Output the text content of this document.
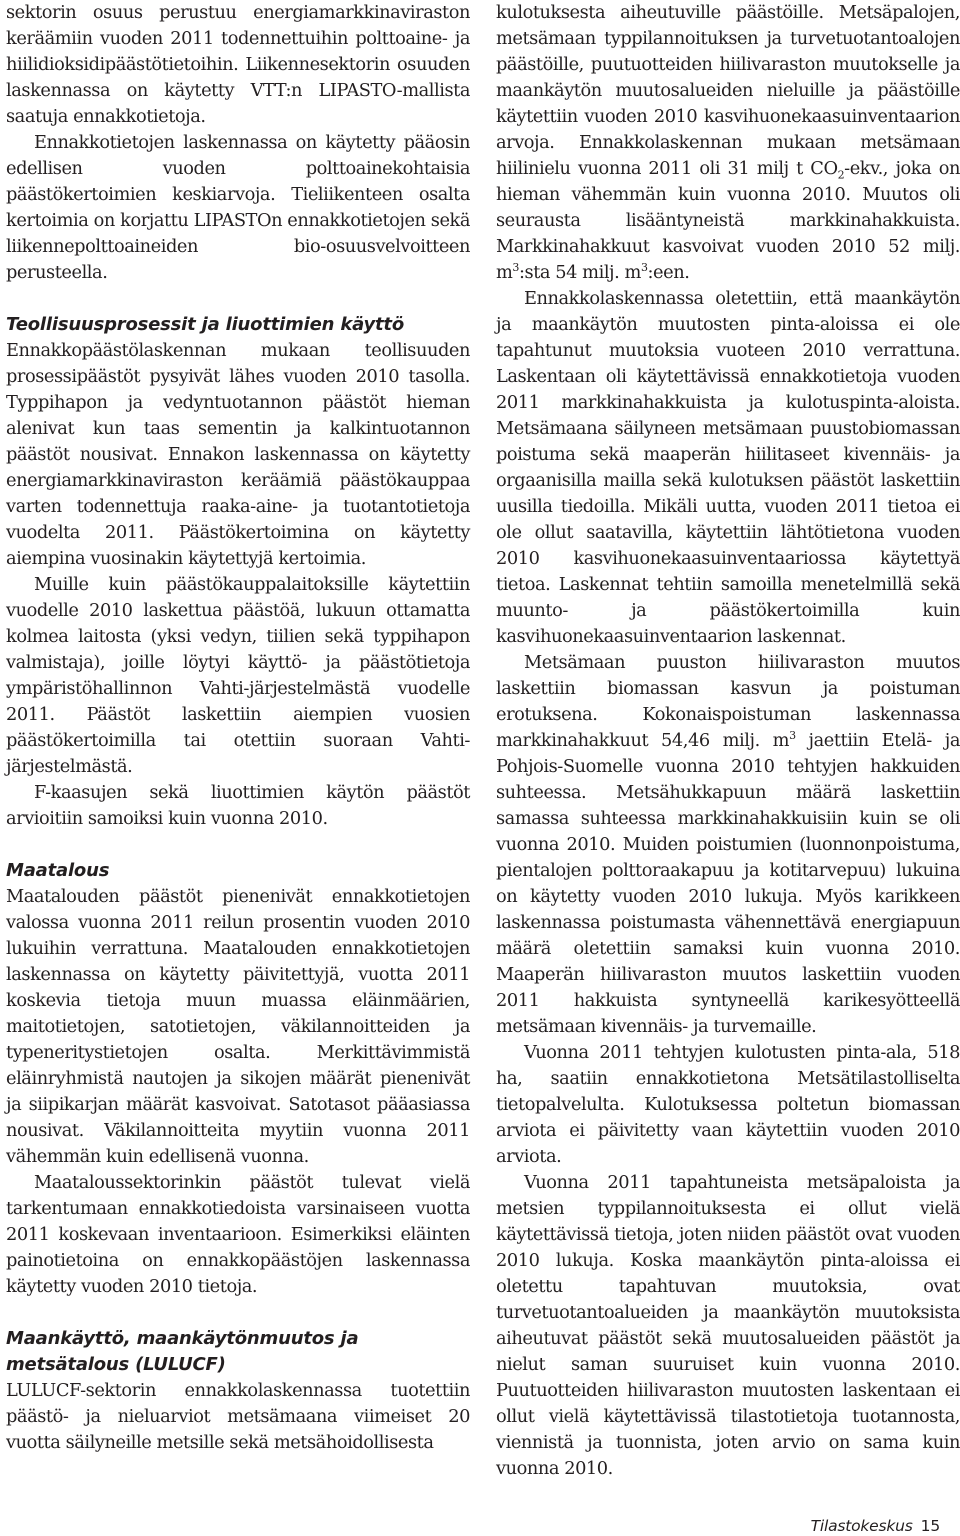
sektorin osuus perustuu energiamarkkinaviraston keräämiin vuoden 2011 todennettuihin polttoaine- ja hiilidioksidipäästötietoihin. Liikennesektorin osuuden laskennassa on käytetty VTT:n LIPASTO-mallista saatuja ennakkotietoja.

Ennakkotietojen laskennassa on käytetty pääosin edellisen vuoden polttoainekohtaisia päästökertoimien keskiarvoja. Tieliikenteen osalta kertoimia on korjattu LIPASTOn ennakkotietojen sekä liikennepolttoaineiden bio-osuusvelvoitteen perusteella.

Teollisuusprosessit ja liuottimien käyttö

Ennakkopäästölaskennan mukaan teollisuuden prosessipäästöt pysyivät lähes vuoden 2010 tasolla. Typpihapon ja vedyntuotannon päästöt hieman alenivat kun taas sementin ja kalkintuotannon päästöt nousivat. Ennakon laskennassa on käytetty energiamarkkinaviraston keräämiä päästökauppaa varten todennettuja raaka-aine- ja tuotantotietoja vuodelta 2011. Päästökertoimina on käytetty aiempina vuosinakin käytettyjä kertoimia.

Muille kuin päästökauppalaitoksille käytettiin vuodelle 2010 laskettua päästöä, lukuun ottamatta kolmea laitosta (yksi vedyn, tiilien sekä typpihapon valmistaja), joille löytyi käyttö- ja päästötietoja ympäristöhallinnon Vahti-järjestelmästä vuodelle 2011. Päästöt laskettiin aiempien vuosien päästökertoimilla tai otettiin suoraan Vahti-järjestelmästä.

F-kaasujen sekä liuottimien käytön päästöt arvioitiin samoiksi kuin vuonna 2010.

Maatalous

Maatalouden päästöt pienenivät ennakkotietojen valossa vuonna 2011 reilun prosentin vuoden 2010 lukuihin verrattuna. Maatalouden ennakkotietojen laskennassa on käytetty päivitettyjä, vuotta 2011 koskevia tietoja muun muassa eläinmäärien, maitotietojen, satotietojen, väkilannoitteiden ja typeneritystietojen osalta. Merkittävimmistä eläinryhmistä nautojen ja sikojen määrät pienenivät ja siipikarjan määrät kasvoivat. Satotasot pääasiassa nousivat. Väkilannoitteita myytiin vuonna 2011 vähemmän kuin edellisenä vuonna.

Maataloussektorinkin päästöt tulevat vielä tarkentumaan ennakkotiedoista varsinaiseen vuotta 2011 koskevaan inventaarioon. Esimerkiksi eläinten painotietoina on ennakkopäästöjen laskennassa käytetty vuoden 2010 tietoja.

Maankäyttö, maankäytönmuutos ja
metsätalous (LULUCF)

LULUCF-sektorin ennakkolaskennassa tuotettiin päästö- ja nieluarviot metsämaana viimeiset 20 vuotta säilyneille metsille sekä metsähoidollisesta

kulotuksesta aiheutuville päästöille. Metsäpalojen, metsämaan typpilannoituksen ja turvetuotantoalojen päästöille, puutuotteiden hiilivaraston muutokselle ja maankäytön muutosalueiden nieluille ja päästöille käytettiin vuoden 2010 kasvihuonekaasuinventaarion arvoja. Ennakkolaskennan mukaan metsämaan hiilinielu vuonna 2011 oli 31 milj t $CO_2$-ekv., joka on hieman vähemmän kuin vuonna 2010. Muutos oli seurausta lisääntyneistä markkinahakkuista. Markkinahakkuut kasvoivat vuoden 2010 52 milj. $m^3:sta$ 54 milj. $m^3:een$.

Ennakkolaskennassa oletettiin, että maankäytön ja maankäytön muutosten pinta-aloissa ei ole tapahtunut muutoksia vuoteen 2010 verrattuna. Laskentaan oli käytettävissä ennakkotietoja vuoden 2011 markkinahakkuista ja kulotuspinta-aloista. Metsämaana säilyneen metsämaan puustobiomassan poistuma sekä maaperän hiilitaseet kivennäis- ja orgaanisilla mailla sekä kulotuksen päästöt laskettiin uusilla tiedoilla. Mikäli uutta, vuoden 2011 tietoa ei ole ollut saatavilla, käytettiin lähtötietona vuoden 2010 kasvihuonekaasuinventaariossa käytettyä tietoa. Laskennat tehtiin samoilla menetelmillä sekä muunto- ja päästökertoimilla kuin kasvihuonekaasuinventaarion laskennat.

Metsämaan puuston hiilivaraston muutos laskettiin biomassan kasvun ja poistuman erotuksena. Kokonaispoistuman laskennassa markkinahakkuut 54,46 milj. $m^3$ jaettiin Etelä- ja Pohjois-Suomelle vuonna 2010 tehtyjen hakkuiden suhteessa. Metsähukkapuun määrä laskettiin samassa suhteessa markkinahakkuisiin kuin se oli vuonna 2010. Muiden poistumien (luonnonpoistuma, pientalojen polttoraakapuu ja kotitarvepuu) lukuina on käytetty vuoden 2010 lukuja. Myös karikkeen laskennassa poistumasta vähennettävä energiapuun määrä oletettiin samaksi kuin vuonna 2010. Maaperän hiilivaraston muutos laskettiin vuoden 2011 hakkuista syntyneellä karikesyötteellä metsämaan kivennäis- ja turvemaille.

Vuonna 2011 tehtyjen kulotusten pinta-ala, 518 ha, saatiin ennakkotietona Metsätilastolliselta tietopalvelulta. Kulotuksessa poltetun biomassan arviota ei päivitetty vaan käytettiin vuoden 2010 arviota.

Vuonna 2011 tapahtuneista metsäpaloista ja metsien typpilannoituksesta ei ollut vielä käytettävissä tietoja, joten niiden päästöt ovat vuoden 2010 lukuja. Koska maankäytön pinta-aloissa ei oletettu tapahtuvan muutoksia, ovat turvetuotantoalueiden ja maankäytön muutoksista aiheutuvat päästöt sekä muutosalueiden päästöt ja nielut saman suuruiset kuin vuonna 2010. Puutuotteiden hiilivaraston muutosten laskentaan ei ollut vielä käytettävissä tilastotietoja tuotannosta, viennistä ja tuonnista, joten arvio on sama kuin vuonna 2010.

Tilastokeskus 15
